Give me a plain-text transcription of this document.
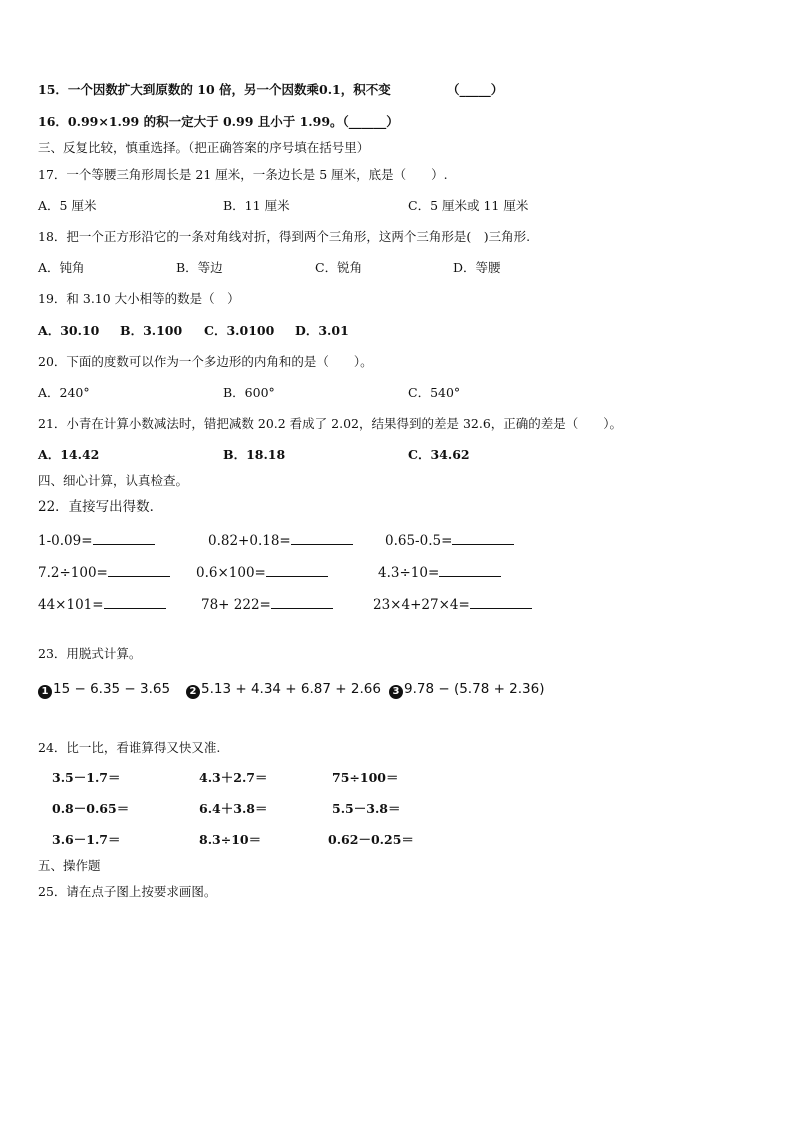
15．一个因数扩大到原数的 10 倍，另一个因数乘0.1，积不变	（_____）
16．0.99×1.99 的积一定大于 0.99 且小于 1.99。（______）
三、反复比较，慎重选择。（把正确答案的序号填在括号里）
17．一个等腰三角形周长是 21 厘米，一条边长是 5 厘米，底是（　　）.
A．5 厘米	B．11 厘米	C．5 厘米或 11 厘米
18．把一个正方形沿它的一条对角线对折，得到两个三角形，这两个三角形是(　)三角形.
A．钝角	B．等边	C．锐角	D．等腰
19．和 3.10 大小相等的数是（　）
A．30.10 B．3.100 C．3.0100 D．3.01
20．下面的度数可以作为一个多边形的内角和的是（　　）。
A．240°	B．600°	C．540°
21．小青在计算小数减法时，错把减数 20.2 看成了 2.02，结果得到的差是 32.6，正确的差是（　　）。
A．14.42	B．18.18	C．34.62
四、细心计算，认真检查。
22．直接写出得数．
1-0.09=	0.82+0.18=	0.65-0.5=
7.2÷100=	0.6×100=	4.3÷10=
44×101=	78+ 222=	23×4+27×4=
23．用脱式计算。
1 15 − 6.35 − 3.65	2 5.13 + 4.34 + 6.87 + 2.66	3 9.78 − (5.78 + 2.36)
24．比一比，看谁算得又快又准.
3.5－1.7＝	4.3＋2.7＝	75÷100＝
0.8－0.65＝	6.4＋3.8＝	5.5－3.8＝
3.6－1.7＝	8.3÷10＝	0.62－0.25＝
五、操作题
25．请在点子图上按要求画图。
